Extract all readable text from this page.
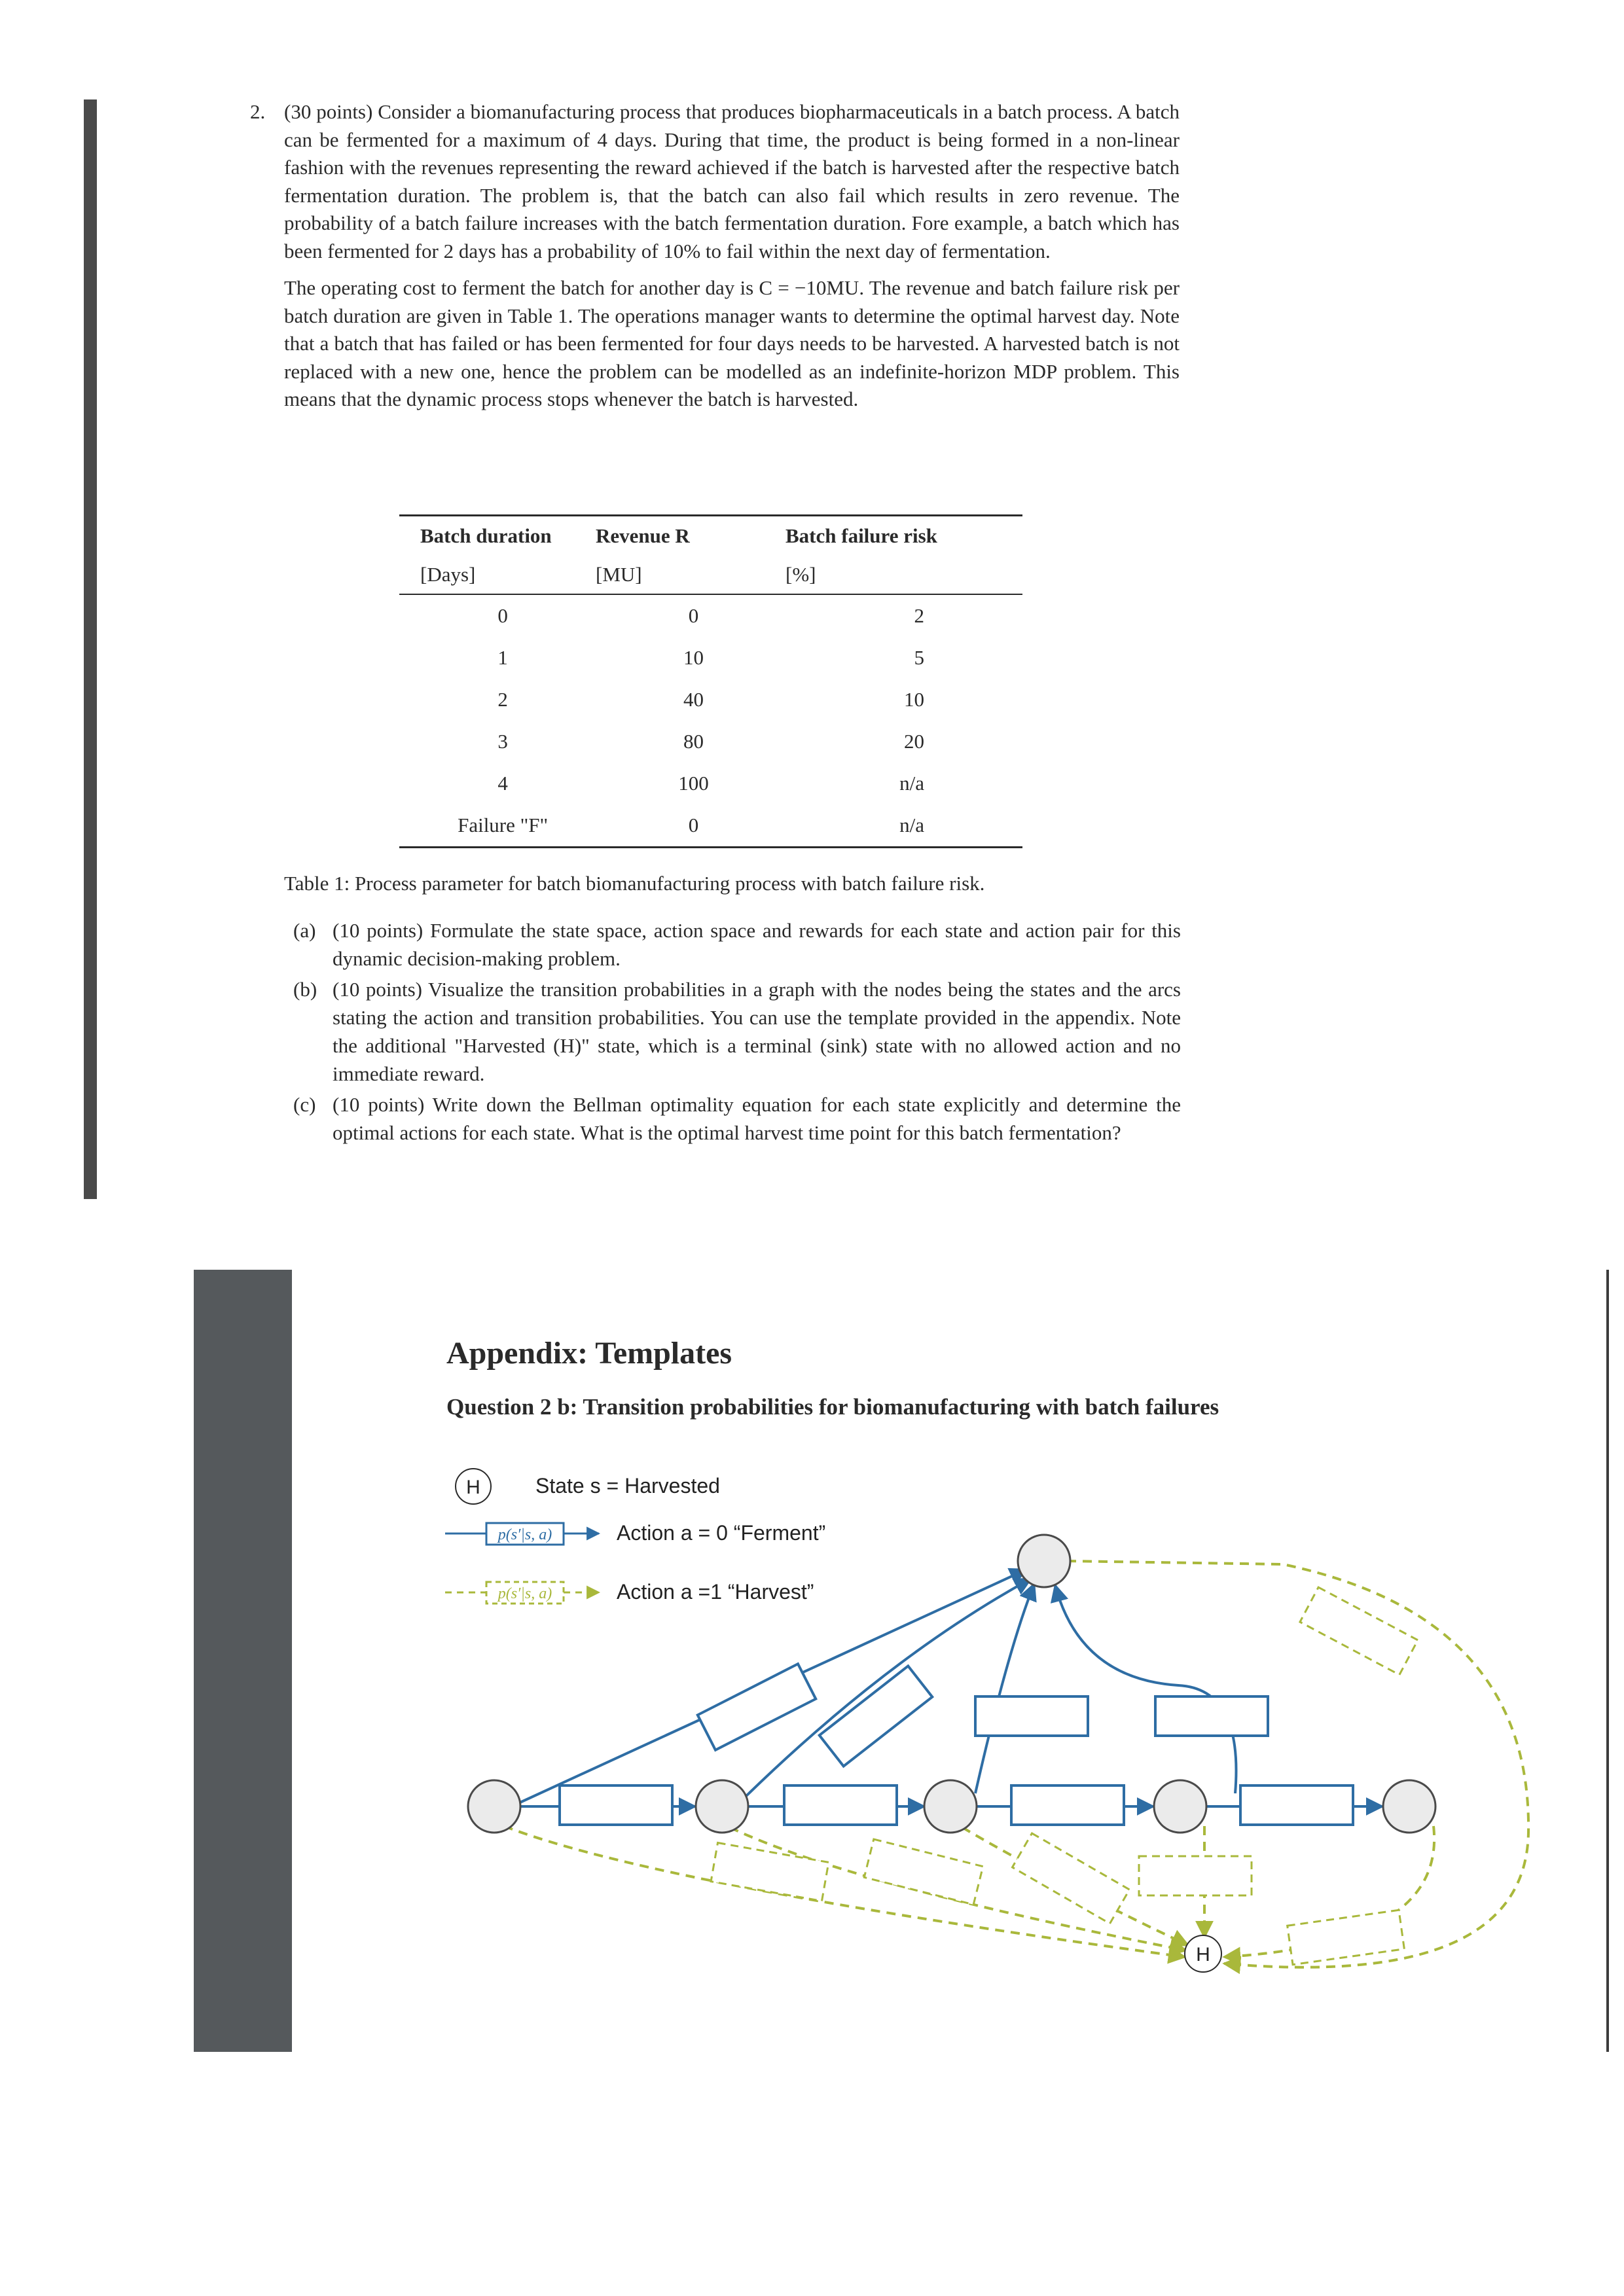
2. (30 points) Consider a biomanufacturing process that produces biopharmaceuticals in a batch process. A batch can be fermented for a maximum of 4 days. During that time, the product is being formed in a non-linear fashion with the revenues representing the reward achieved if the batch is harvested after the respective batch fermentation duration. The problem is, that the batch can also fail which results in zero revenue. The probability of a batch failure increases with the batch fermentation duration. Fore example, a batch which has been fermented for 2 days has a probability of 10% to fail within the next day of fermentation.

The operating cost to ferment the batch for another day is C = −10MU. The revenue and batch failure risk per batch duration are given in Table 1. The operations manager wants to determine the optimal harvest day. Note that a batch that has failed or has been fermented for four days needs to be harvested. A harvested batch is not replaced with a new one, hence the problem can be modelled as an indefinite-horizon MDP problem. This means that the dynamic process stops whenever the batch is harvested.

Batch duration	Revenue R	Batch failure risk
[Days]	[MU]	[%]
0	0	2
1	10	5
2	40	10
3	80	20
4	100	n/a
Failure "F"	0	n/a
Table 1: Process parameter for batch biomanufacturing process with batch failure risk.
(a) (10 points) Formulate the state space, action space and rewards for each state and action pair for this dynamic decision-making problem.
(b) (10 points) Visualize the transition probabilities in a graph with the nodes being the states and the arcs stating the action and transition probabilities. You can use the template provided in the appendix. Note the additional "Harvested (H)" state, which is a terminal (sink) state with no allowed action and no immediate reward.
(c) (10 points) Write down the Bellman optimality equation for each state explicitly and determine the optimal actions for each state. What is the optimal harvest time point for this batch fermentation?
Appendix: Templates
Question 2 b: Transition probabilities for biomanufacturing with batch failures
H	State s = Harvested
p(s′|s, a)	Action a = 0 “Ferment”
p(s′|s, a)	Action a =1 “Harvest”
H
